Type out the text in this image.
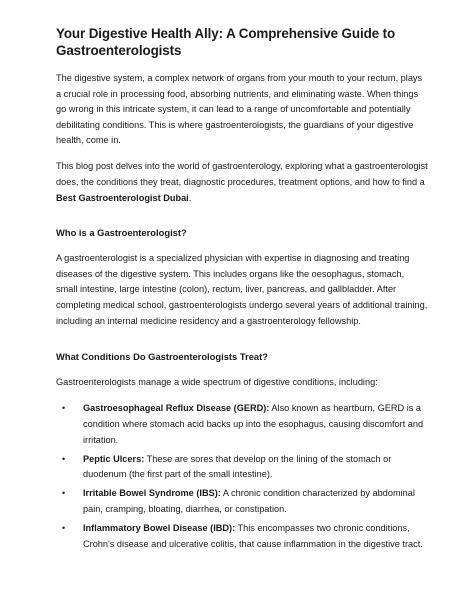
Your Digestive Health Ally: A Comprehensive Guide to Gastroenterologists

The digestive system, a complex network of organs from your mouth to your rectum, plays a crucial role in processing food, absorbing nutrients, and eliminating waste. When things go wrong in this intricate system, it can lead to a range of uncomfortable and potentially debilitating conditions. This is where gastroenterologists, the guardians of your digestive health, come in.

This blog post delves into the world of gastroenterology, exploring what a gastroenterologist does, the conditions they treat, diagnostic procedures, treatment options, and how to find a Best Gastroenterologist Dubai.

Who is a Gastroenterologist?

A gastroenterologist is a specialized physician with expertise in diagnosing and treating diseases of the digestive system. This includes organs like the oesophagus, stomach, small intestine, large intestine (colon), rectum, liver, pancreas, and gallbladder. After completing medical school, gastroenterologists undergo several years of additional training, including an internal medicine residency and a gastroenterology fellowship.

What Conditions Do Gastroenterologists Treat?

Gastroenterologists manage a wide spectrum of digestive conditions, including:

• Gastroesophageal Reflux Disease (GERD): Also known as heartburn, GERD is a condition where stomach acid backs up into the esophagus, causing discomfort and irritation.
• Peptic Ulcers: These are sores that develop on the lining of the stomach or duodenum (the first part of the small intestine).
• Irritable Bowel Syndrome (IBS): A chronic condition characterized by abdominal pain, cramping, bloating, diarrhea, or constipation.
• Inflammatory Bowel Disease (IBD): This encompasses two chronic conditions, Crohn's disease and ulcerative colitis, that cause inflammation in the digestive tract.
